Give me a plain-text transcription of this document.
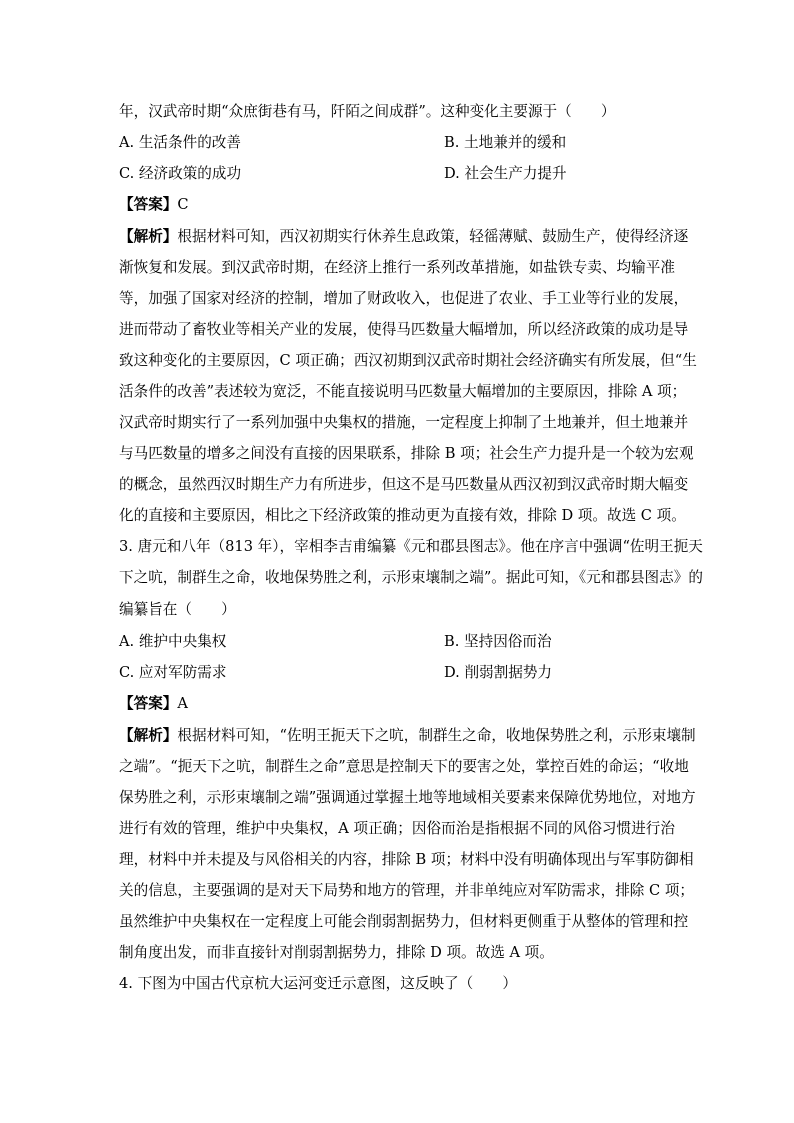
年，汉武帝时期“众庶街巷有马，阡陌之间成群”。这种变化主要源于（　　）
A. 生活条件的改善	B. 土地兼并的缓和
C. 经济政策的成功	D. 社会生产力提升
【答案】C
【解析】根据材料可知，西汉初期实行休养生息政策，轻徭薄赋、鼓励生产，使得经济逐
渐恢复和发展。到汉武帝时期，在经济上推行一系列改革措施，如盐铁专卖、均输平准
等，加强了国家对经济的控制，增加了财政收入，也促进了农业、手工业等行业的发展，
进而带动了畜牧业等相关产业的发展，使得马匹数量大幅增加，所以经济政策的成功是导
致这种变化的主要原因，C 项正确；西汉初期到汉武帝时期社会经济确实有所发展，但“生
活条件的改善”表述较为宽泛，不能直接说明马匹数量大幅增加的主要原因，排除 A 项；
汉武帝时期实行了一系列加强中央集权的措施，一定程度上抑制了土地兼并，但土地兼并
与马匹数量的增多之间没有直接的因果联系，排除 B 项；社会生产力提升是一个较为宏观
的概念，虽然西汉时期生产力有所进步，但这不是马匹数量从西汉初到汉武帝时期大幅变
化的直接和主要原因，相比之下经济政策的推动更为直接有效，排除 D 项。故选 C 项。
3. 唐元和八年（813 年），宰相李吉甫编纂《元和郡县图志》。他在序言中强调“佐明王扼天
下之吭，制群生之命，收地保势胜之利，示形束壤制之端”。据此可知，《元和郡县图志》的
编纂旨在（　　）
A. 维护中央集权	B. 坚持因俗而治
C. 应对军防需求	D. 削弱割据势力
【答案】A
【解析】根据材料可知，“佐明王扼天下之吭，制群生之命，收地保势胜之利，示形束壤制
之端”。“扼天下之吭，制群生之命”意思是控制天下的要害之处，掌控百姓的命运；“收地
保势胜之利，示形束壤制之端”强调通过掌握土地等地域相关要素来保障优势地位，对地方
进行有效的管理，维护中央集权，A 项正确；因俗而治是指根据不同的风俗习惯进行治
理，材料中并未提及与风俗相关的内容，排除 B 项；材料中没有明确体现出与军事防御相
关的信息，主要强调的是对天下局势和地方的管理，并非单纯应对军防需求，排除 C 项；
虽然维护中央集权在一定程度上可能会削弱割据势力，但材料更侧重于从整体的管理和控
制角度出发，而非直接针对削弱割据势力，排除 D 项。故选 A 项。
4. 下图为中国古代京杭大运河变迁示意图，这反映了（　　）
